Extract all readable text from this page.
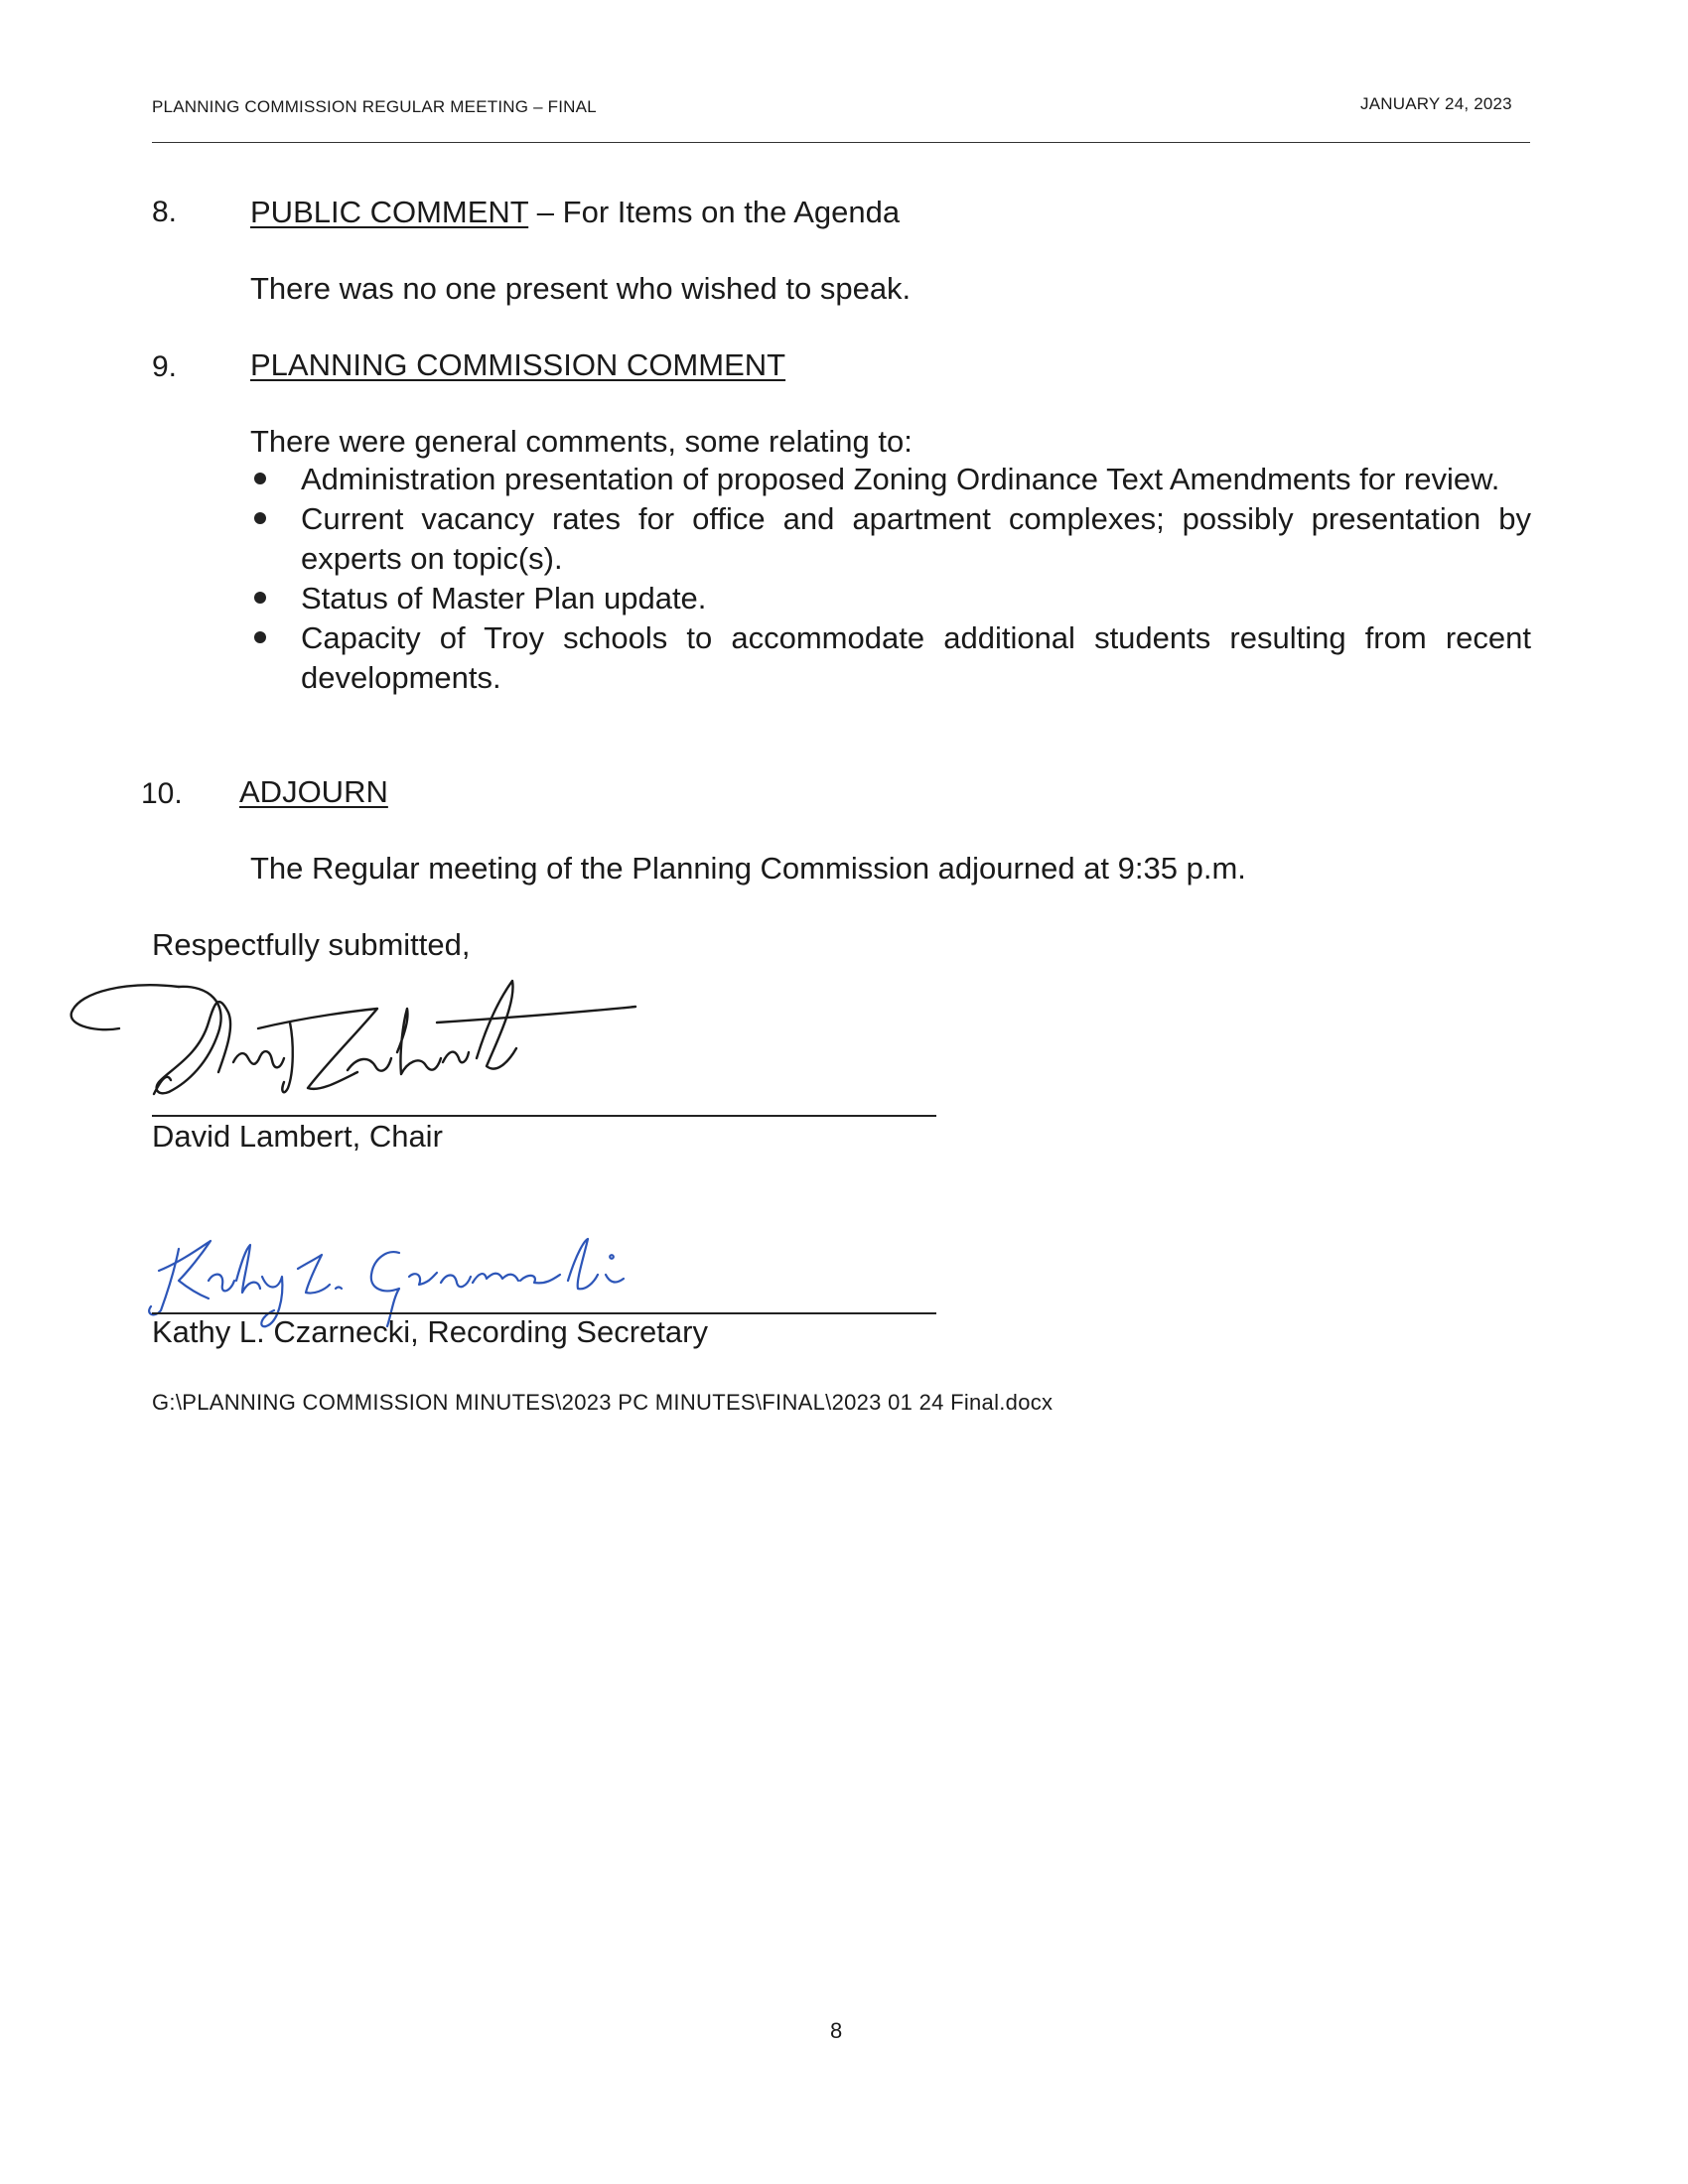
PLANNING COMMISSION REGULAR MEETING – FINAL	JANUARY 24, 2023
8. PUBLIC COMMENT – For Items on the Agenda
There was no one present who wished to speak.
9. PLANNING COMMISSION COMMENT
There were general comments, some relating to:
Administration presentation of proposed Zoning Ordinance Text Amendments for review.
Current vacancy rates for office and apartment complexes; possibly presentation by experts on topic(s).
Status of Master Plan update.
Capacity of Troy schools to accommodate additional students resulting from recent developments.
10. ADJOURN
The Regular meeting of the Planning Commission adjourned at 9:35 p.m.
Respectfully submitted,
David Lambert, Chair
Kathy L. Czarnecki, Recording Secretary
G:\PLANNING COMMISSION MINUTES\2023 PC MINUTES\FINAL\2023 01 24 Final.docx
8
